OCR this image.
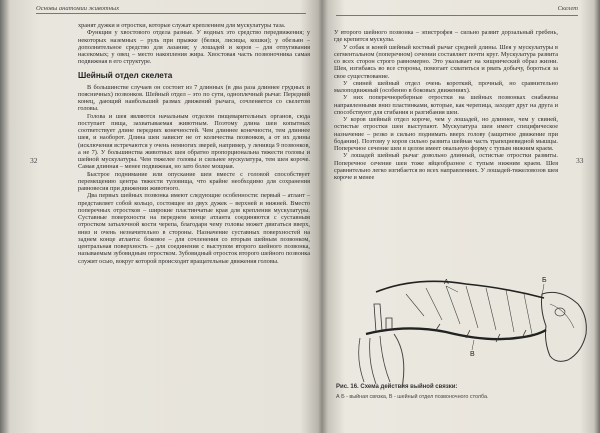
Основы анатомии животных
32

хранят дужки и отростки, которые служат креплением для мускулатуры таза.

Функции у хвостового отдела разные. У водных это средство передвижения; у некоторых наземных – руль при прыжке (белки, лисицы, кошки); у обезьян – дополнительное средство для лазания; у лошадей и коров – для отпугивания насекомых; у овец – место накопления жира. Хвостовая часть позвоночника самая подвижная в его структуре.

Шейный отдел скелета

В большинстве случаев он состоит из 7 длинных (в два раза длиннее грудных и поясничных) позвонков. Шейный отдел – это по сути, одноплечный рычаг. Передний конец, дающий наибольший размах движений рычага, сочленяется со скелетом головы.

Голова и шея являются начальным отделом пищеварительных органов, сюда поступает пища, захватываемая животным. Поэтому длина шеи копытных соответствует длине передних конечностей. Чем длиннее конечности, тем длиннее шея, и наоборот. Длина шеи зависит не от количества позвонков, а от их длины (исключения встречаются у очень немногих зверей, например, у ленивца 9 позвонков, а не 7). У большинства животных шея обратно пропорциональна тяжести головы и шейной мускулатуры. Чем тяжелее головы и сильнее мускулатура, тем шея короче. Самая длинная – менее подвижная, но зато более мощная.

Быстрое поднимание или опускание шеи вместе с головой способствует перемещению центра тяжести туловища, что крайне необходимо для сохранения равновесия при движении животного.

Два первых шейных позвонка имеют следующие особенности: первый – атлант – представляет собой кольцо, состоящее из двух дужек – верхней и нижней. Вместо поперечных отростков – широкие пластинчатые края для крепления мускулатуры. Суставные поверхности на переднем конце атланта соединяются с суставным отростком затылочной кости черепа, благодаря чему головы может двигаться вверх, вниз и очень незначительно в стороны. Назначение суставных поверхностей на заднем конце атланта: боковое – для сочленения со вторым шейным позвонком, центральная поверхность – для соединения с выступом второго шейного позвонка, называемым зубовидным отростком. Зубовидный отросток второго шейного позвонка служит осью, вокруг которой происходят вращательные движения головы.

Скелет
33

У второго шейного позвонка – эпистрофея – сильно развит дорзальный гребень, где крепится мускулы.

У собак и коней шейный костный рычаг средней длины. Шея у мускулатуры в сегментальном (поперечном) сечении составляет почти круг. Мускулатура развита со всех сторон строго равномерно. Это указывает на хищнический образ жизни. Шея, изгибаясь во все стороны, помогает схватиться и рвать добычу, бороться за свое существование.

У свиней шейный отдел очень короткий, прочный, но сравнительно малоподвижный (особенно в боковых движениях).

У них поперечнореберные отростки на шейных позвонках снабжены направленными вниз пластинками, которые, как черепица, заходят друг на друга и способствуют для сгибания и разгибания шеи.

У коров шейный отдел короче, чем у лошадей, но длиннее, чем у свиней, остистые отростки шеи выступают. Мускулатура шеи имеет специфическое назначение – резко и сильно поднимать вверх голову (защитное движение при бодании). Поэтому у коров сильно развита шейная часть трапециевидной мышцы. Поперечное сечение шеи в целом имеет овальную форму с тупым нижним краем.

У лошадей шейный рычаг довольно длинный, остистые отростки развиты. Поперечное сечение шеи тоже яйцеобразное с тупым нижним краем. Шея сравнительно легко изгибается во всех направлениях. У лошадей-тяжеловозов шея короче и менее

А	Б
В
Рис. 16. Схема действия выйной связки:
А Б - выйная связка, В - шейный отдел позвоночного столба.
